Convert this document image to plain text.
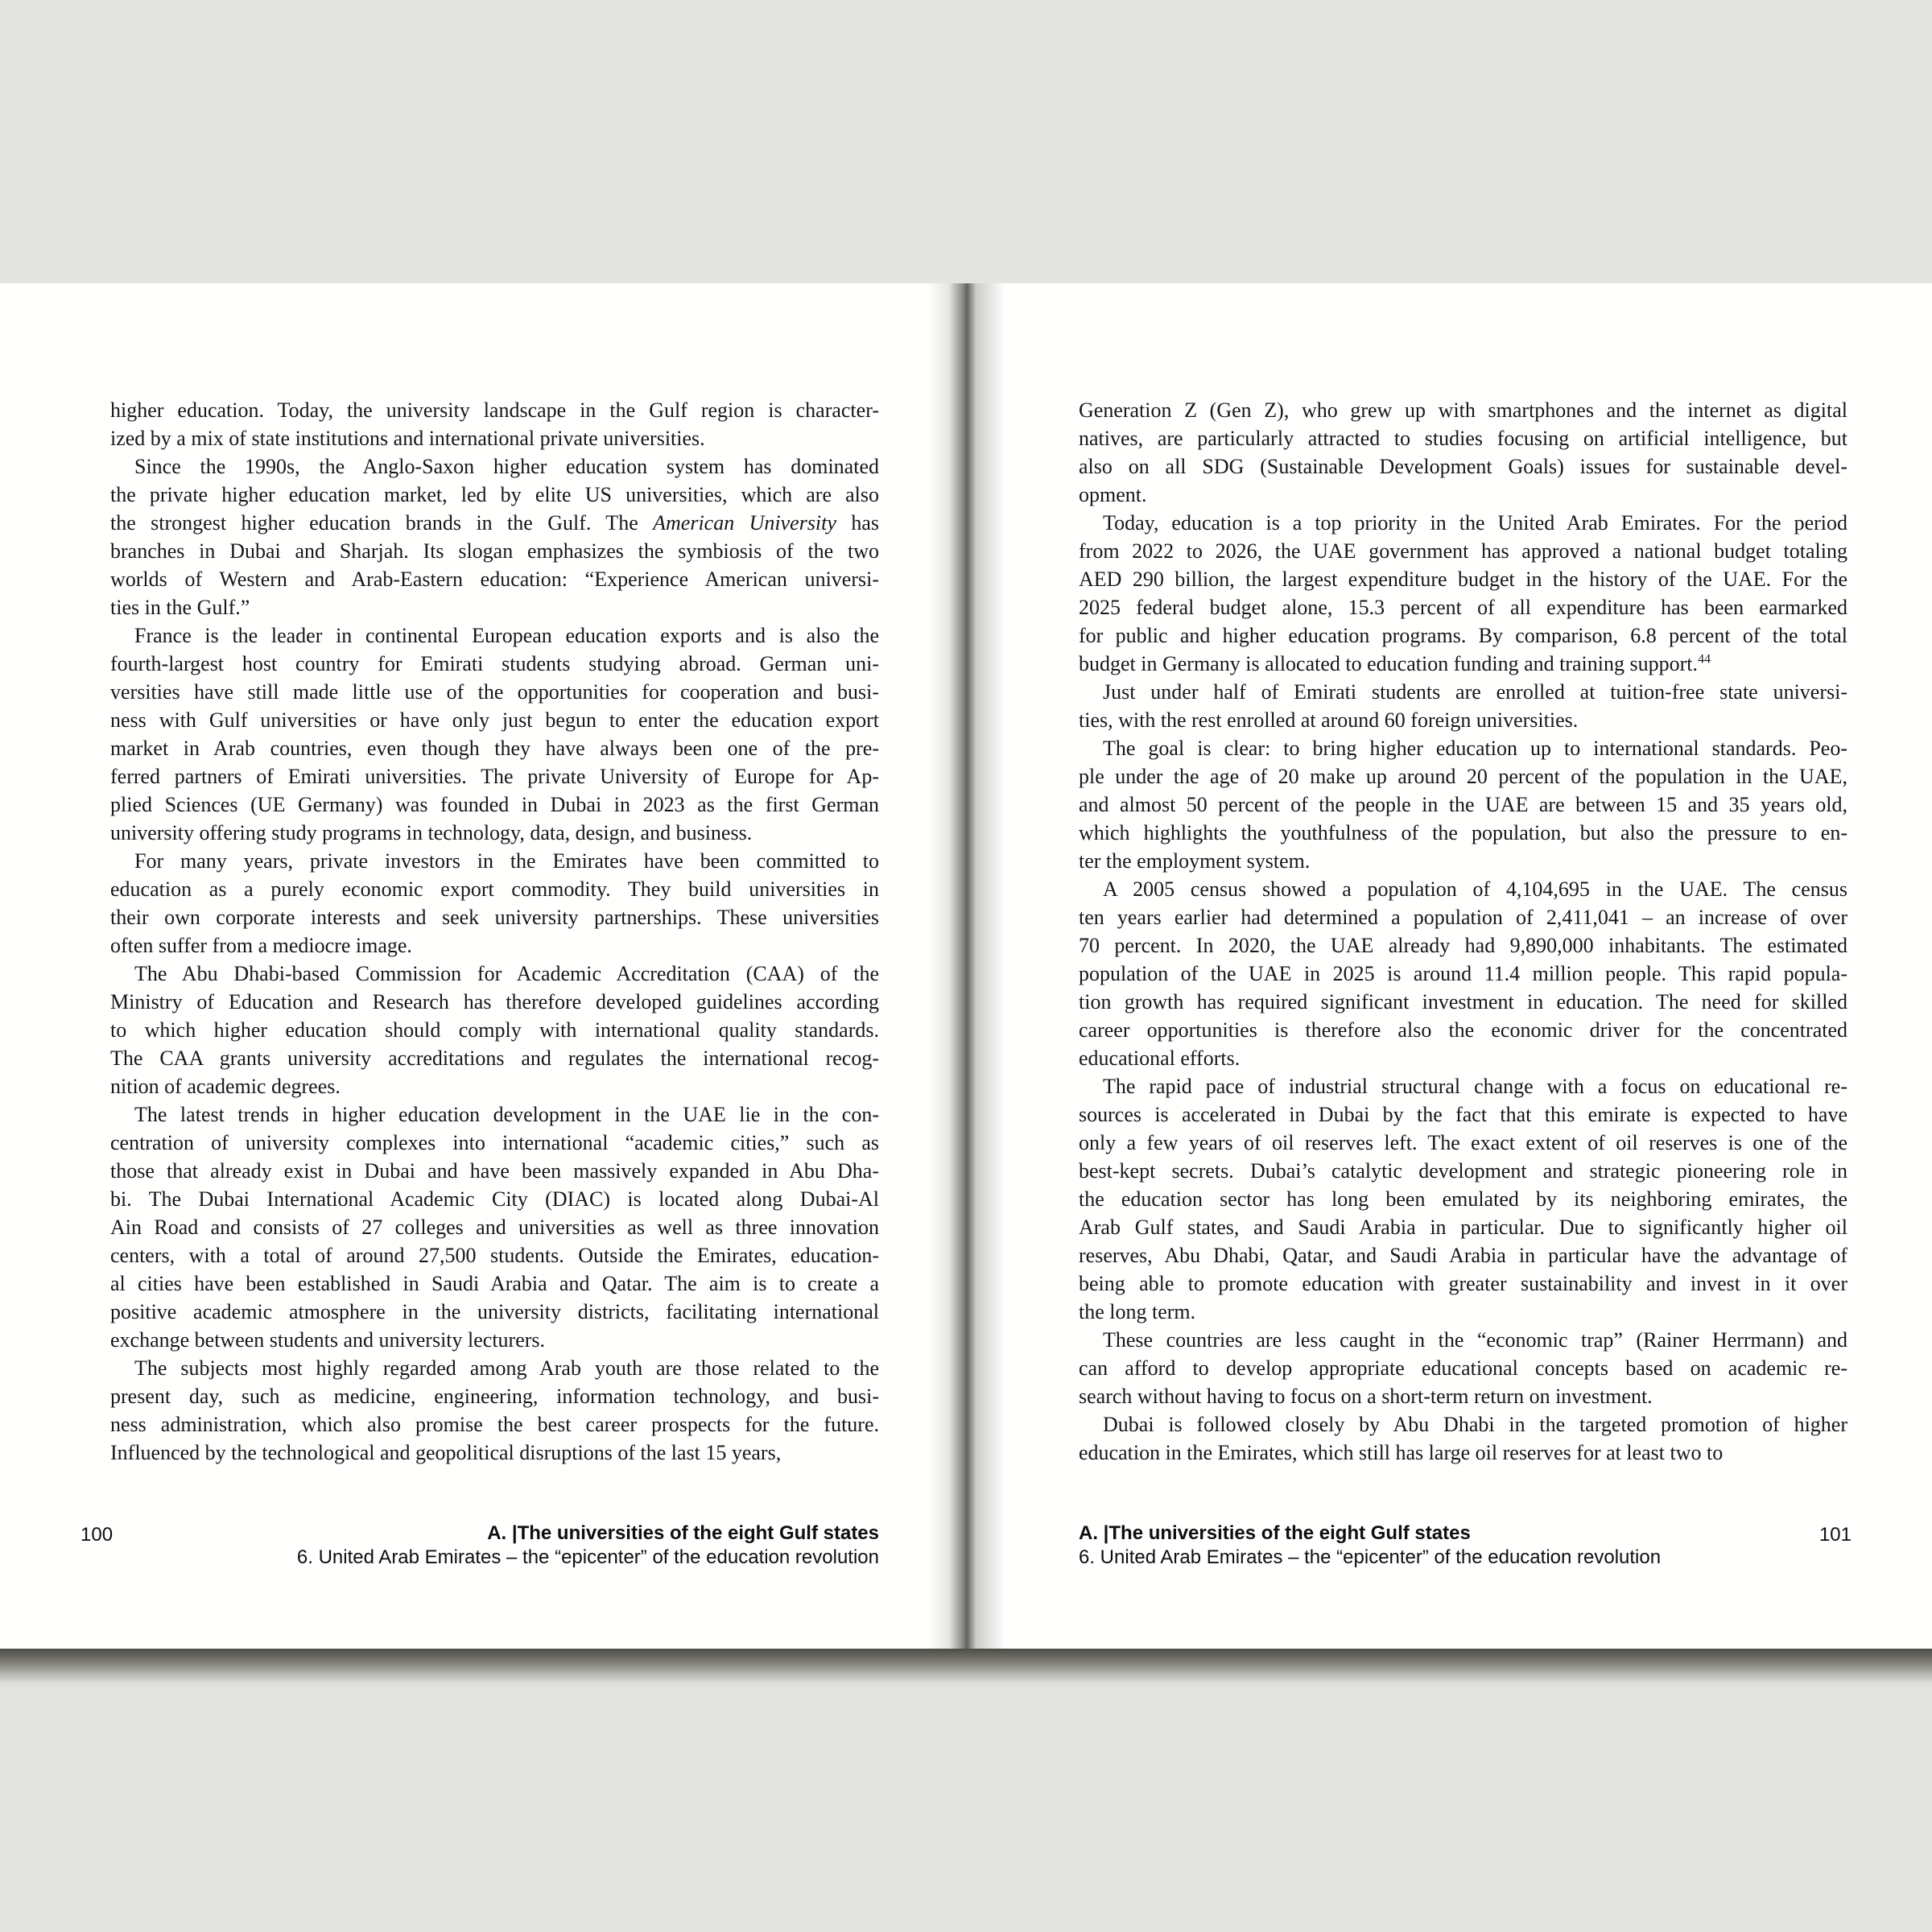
higher education. Today, the university landscape in the Gulf region is character-
ized by a mix of state institutions and international private universities.
Since the 1990s, the Anglo-Saxon higher education system has dominated
the private higher education market, led by elite US universities, which are also
the strongest higher education brands in the Gulf. The American University has
branches in Dubai and Sharjah. Its slogan emphasizes the symbiosis of the two
worlds of Western and Arab-Eastern education: “Experience American universi-
ties in the Gulf.”
France is the leader in continental European education exports and is also the
fourth-largest host country for Emirati students studying abroad. German uni-
versities have still made little use of the opportunities for cooperation and busi-
ness with Gulf universities or have only just begun to enter the education export
market in Arab countries, even though they have always been one of the pre-
ferred partners of Emirati universities. The private University of Europe for Ap-
plied Sciences (UE Germany) was founded in Dubai in 2023 as the first German
university offering study programs in technology, data, design, and business.
For many years, private investors in the Emirates have been committed to
education as a purely economic export commodity. They build universities in
their own corporate interests and seek university partnerships. These universities
often suffer from a mediocre image.
The Abu Dhabi-based Commission for Academic Accreditation (CAA) of the
Ministry of Education and Research has therefore developed guidelines according
to which higher education should comply with international quality standards.
The CAA grants university accreditations and regulates the international recog-
nition of academic degrees.
The latest trends in higher education development in the UAE lie in the con-
centration of university complexes into international “academic cities,” such as
those that already exist in Dubai and have been massively expanded in Abu Dha-
bi. The Dubai International Academic City (DIAC) is located along Dubai-Al
Ain Road and consists of 27 colleges and universities as well as three innovation
centers, with a total of around 27,500 students. Outside the Emirates, education-
al cities have been established in Saudi Arabia and Qatar. The aim is to create a
positive academic atmosphere in the university districts, facilitating international
exchange between students and university lecturers.
The subjects most highly regarded among Arab youth are those related to the
present day, such as medicine, engineering, information technology, and busi-
ness administration, which also promise the best career prospects for the future.
Influenced by the technological and geopolitical disruptions of the last 15 years,
Generation Z (Gen Z), who grew up with smartphones and the internet as digital
natives, are particularly attracted to studies focusing on artificial intelligence, but
also on all SDG (Sustainable Development Goals) issues for sustainable devel-
opment.
Today, education is a top priority in the United Arab Emirates. For the period
from 2022 to 2026, the UAE government has approved a national budget totaling
AED 290 billion, the largest expenditure budget in the history of the UAE. For the
2025 federal budget alone, 15.3 percent of all expenditure has been earmarked
for public and higher education programs. By comparison, 6.8 percent of the total
budget in Germany is allocated to education funding and training support.$^{44}$
Just under half of Emirati students are enrolled at tuition-free state universi-
ties, with the rest enrolled at around 60 foreign universities.
The goal is clear: to bring higher education up to international standards. Peo-
ple under the age of 20 make up around 20 percent of the population in the UAE,
and almost 50 percent of the people in the UAE are between 15 and 35 years old,
which highlights the youthfulness of the population, but also the pressure to en-
ter the employment system.
A 2005 census showed a population of 4,104,695 in the UAE. The census
ten years earlier had determined a population of 2,411,041 – an increase of over
70 percent. In 2020, the UAE already had 9,890,000 inhabitants. The estimated
population of the UAE in 2025 is around 11.4 million people. This rapid popula-
tion growth has required significant investment in education. The need for skilled
career opportunities is therefore also the economic driver for the concentrated
educational efforts.
The rapid pace of industrial structural change with a focus on educational re-
sources is accelerated in Dubai by the fact that this emirate is expected to have
only a few years of oil reserves left. The exact extent of oil reserves is one of the
best-kept secrets. Dubai’s catalytic development and strategic pioneering role in
the education sector has long been emulated by its neighboring emirates, the
Arab Gulf states, and Saudi Arabia in particular. Due to significantly higher oil
reserves, Abu Dhabi, Qatar, and Saudi Arabia in particular have the advantage of
being able to promote education with greater sustainability and invest in it over
the long term.
These countries are less caught in the “economic trap” (Rainer Herrmann) and
can afford to develop appropriate educational concepts based on academic re-
search without having to focus on a short-term return on investment.
Dubai is followed closely by Abu Dhabi in the targeted promotion of higher
education in the Emirates, which still has large oil reserves for at least two to
100	A. |The universities of the eight Gulf states
6. United Arab Emirates – the “epicenter” of the education revolution
A. |The universities of the eight Gulf states
6. United Arab Emirates – the “epicenter” of the education revolution
101
